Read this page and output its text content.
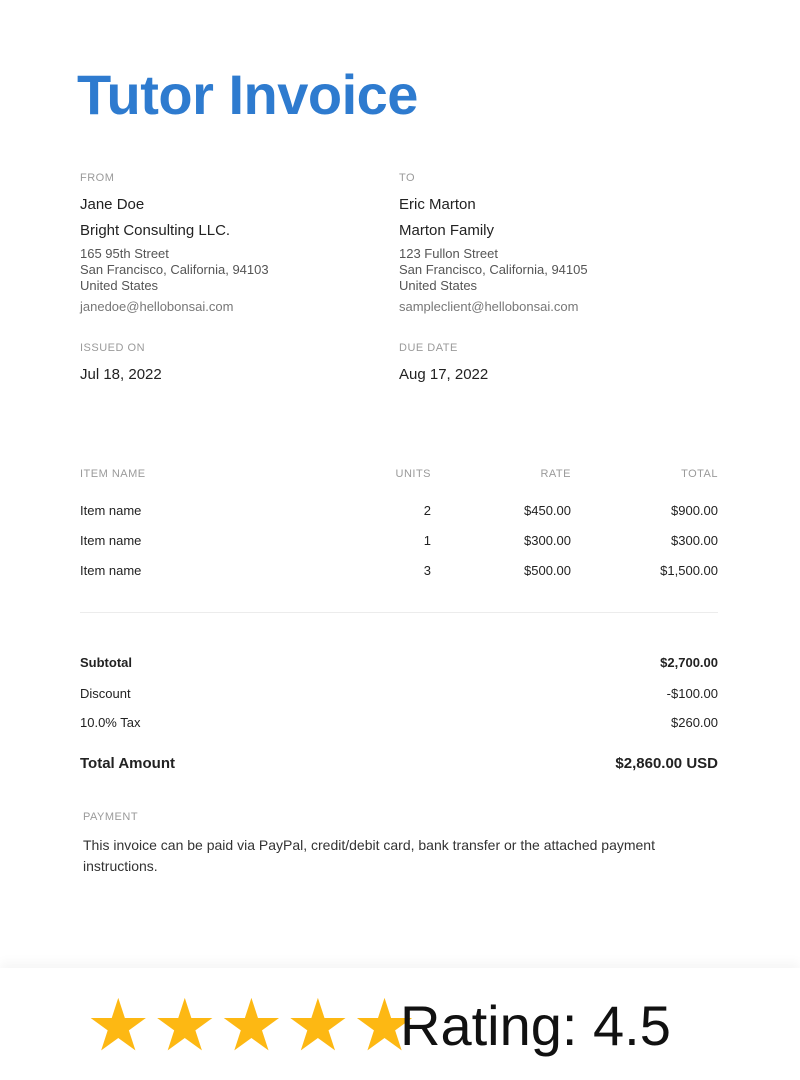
Tutor Invoice
FROM
Jane Doe
Bright Consulting LLC.
165 95th Street
San Francisco, California, 94103
United States
janedoe@hellobonsai.com
TO
Eric Marton
Marton Family
123 Fullon Street
San Francisco, California, 94105
United States
sampleclient@hellobonsai.com
ISSUED ON
Jul 18, 2022
DUE DATE
Aug 17, 2022
ITEM NAME	UNITS	RATE	TOTAL
Item name	2	$450.00	$900.00
Item name	1	$300.00	$300.00
Item name	3	$500.00	$1,500.00
Subtotal	$2,700.00
Discount	-$100.00
10.0% Tax	$260.00
Total Amount	$2,860.00 USD
PAYMENT
This invoice can be paid via PayPal, credit/debit card, bank transfer or the attached payment instructions.
★ ★ ★ ★ ★
Rating: 4.5
